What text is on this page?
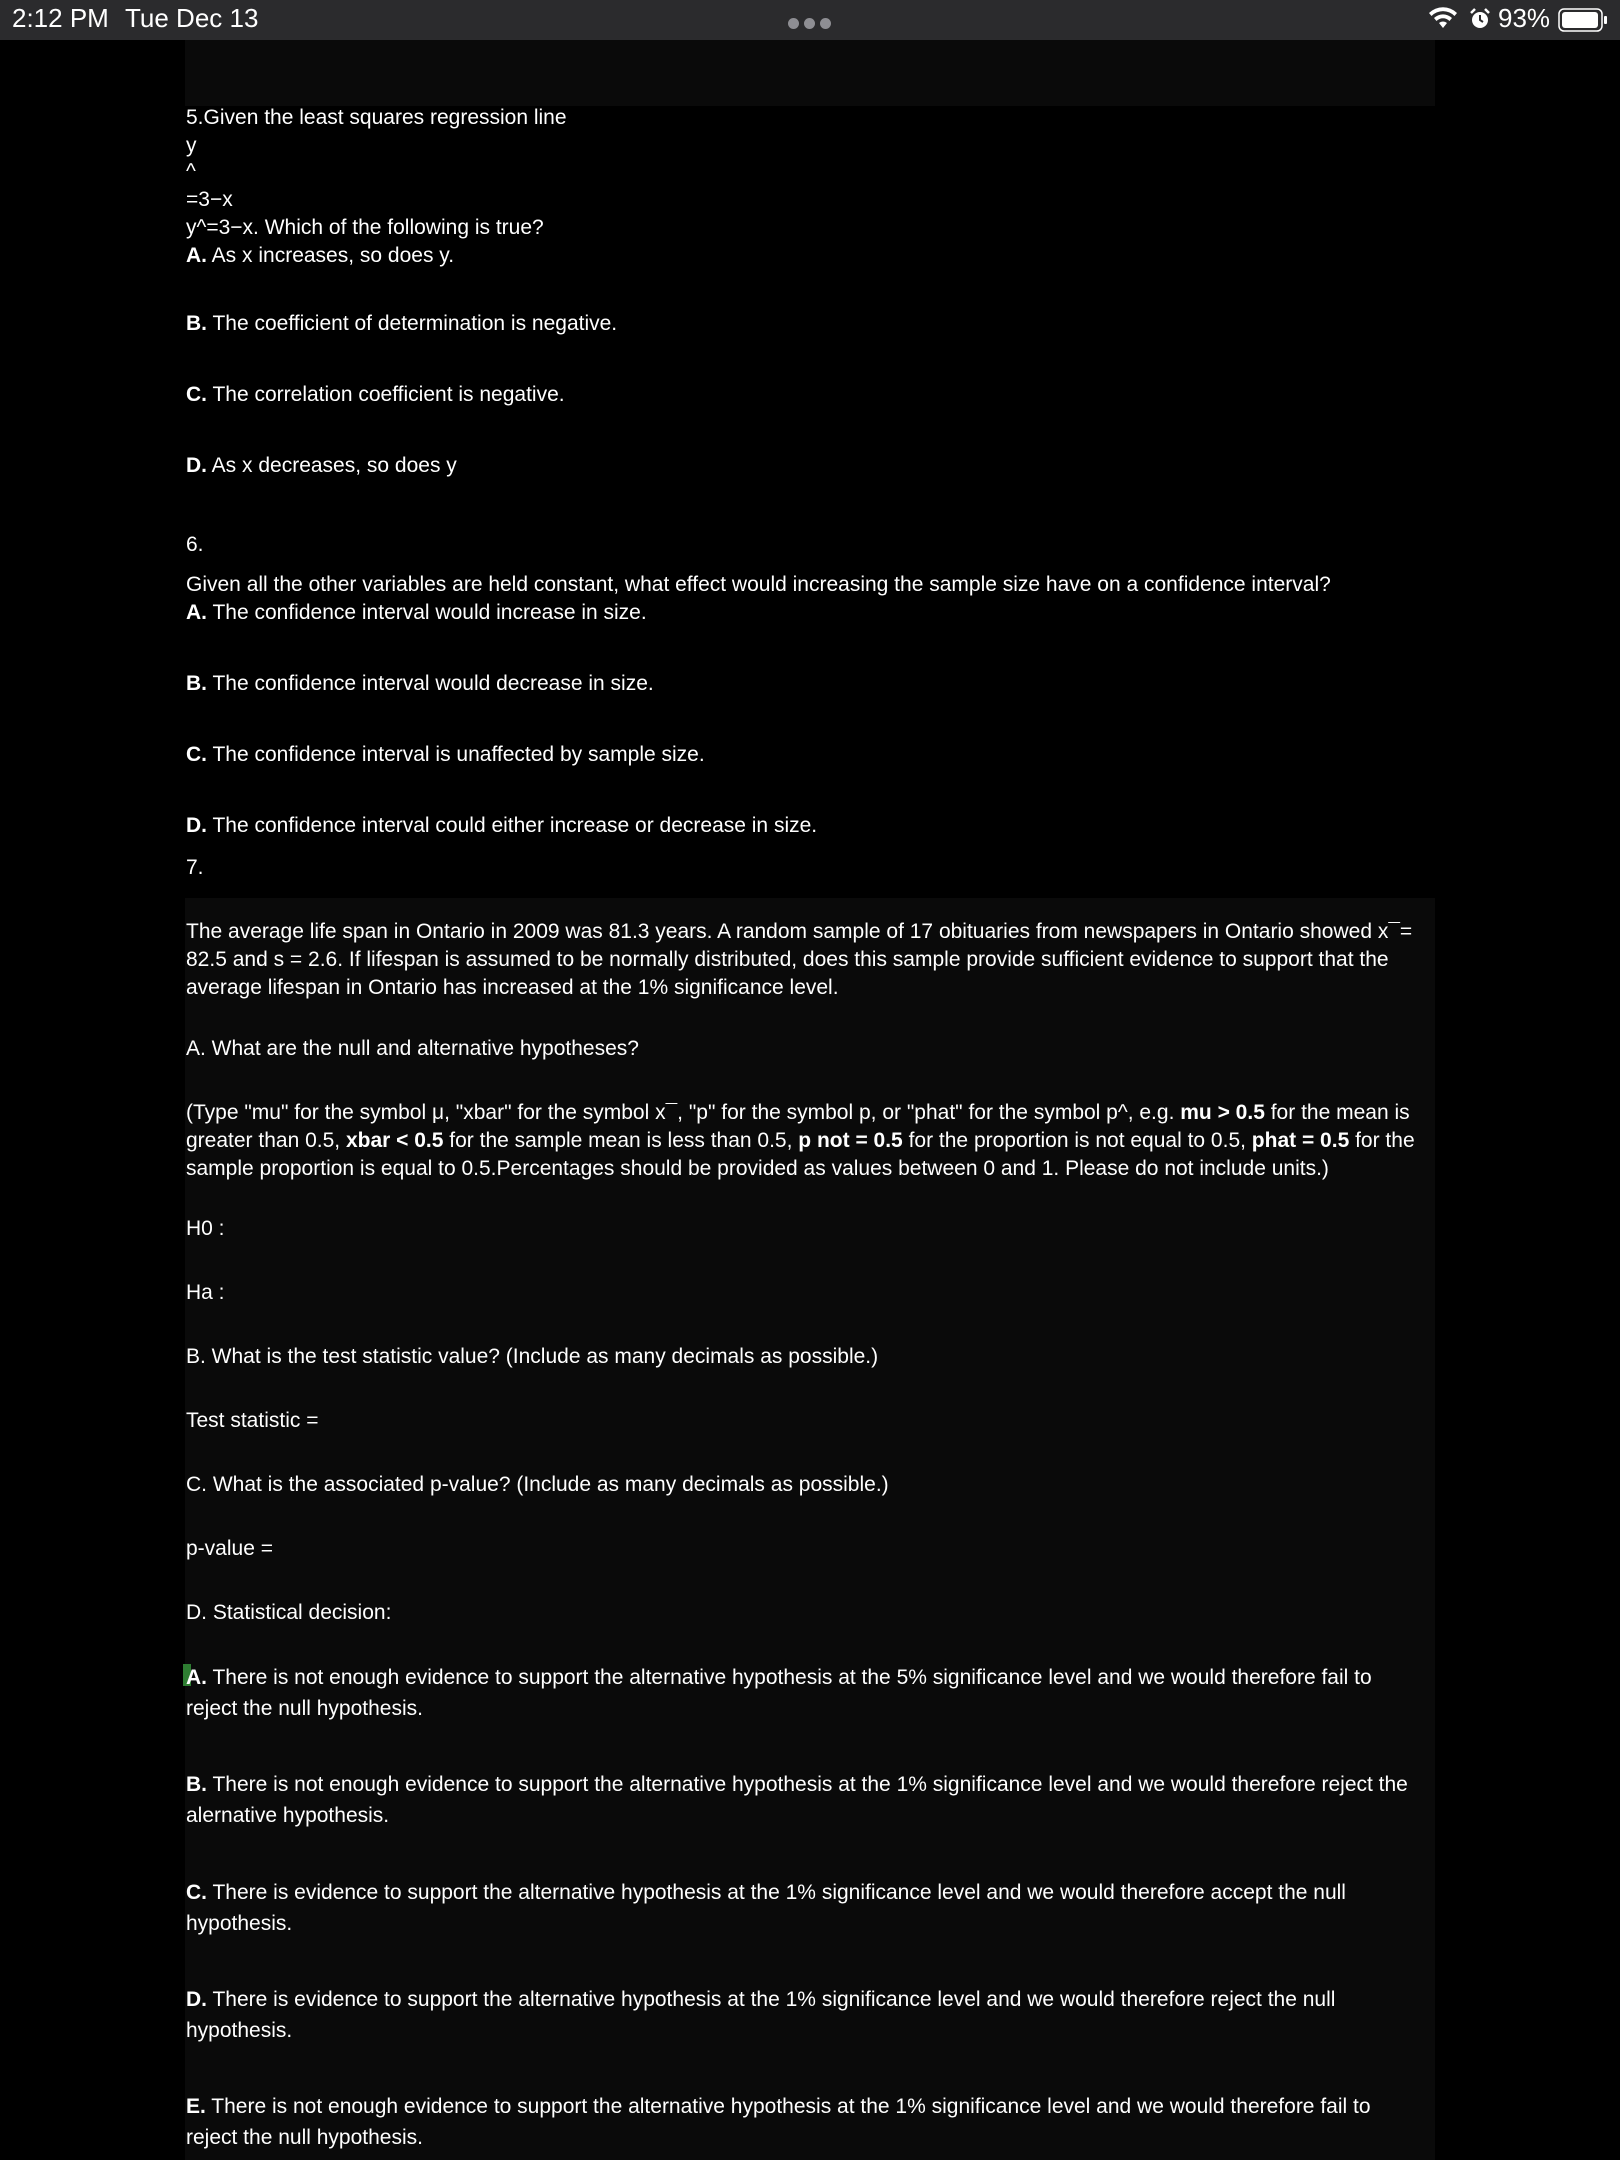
2:12 PM Tue Dec 13	93%
5.Given the least squares regression line
y
^
=3−x
y^=3−x. Which of the following is true?
A. As x increases, so does y.
B. The coefficient of determination is negative.
C. The correlation coefficient is negative.
D. As x decreases, so does y
6.
Given all the other variables are held constant, what effect would increasing the sample size have on a confidence interval?
A. The confidence interval would increase in size.
B. The confidence interval would decrease in size.
C. The confidence interval is unaffected by sample size.
D. The confidence interval could either increase or decrease in size.
7.
The average life span in Ontario in 2009 was 81.3 years. A random sample of 17 obituaries from newspapers in Ontario showed x¯= 82.5 and s = 2.6. If lifespan is assumed to be normally distributed, does this sample provide sufficient evidence to support that the average lifespan in Ontario has increased at the 1% significance level.
A. What are the null and alternative hypotheses?
(Type "mu" for the symbol μ, "xbar" for the symbol x¯, "p" for the symbol p, or "phat" for the symbol p^, e.g. mu > 0.5 for the mean is greater than 0.5, xbar < 0.5 for the sample mean is less than 0.5, p not = 0.5 for the proportion is not equal to 0.5, phat = 0.5 for the sample proportion is equal to 0.5.Percentages should be provided as values between 0 and 1. Please do not include units.)
H0 :
Ha :
B. What is the test statistic value? (Include as many decimals as possible.)
Test statistic =
C. What is the associated p-value? (Include as many decimals as possible.)
p-value =
D. Statistical decision:
A. There is not enough evidence to support the alternative hypothesis at the 5% significance level and we would therefore fail to reject the null hypothesis.
B. There is not enough evidence to support the alternative hypothesis at the 1% significance level and we would therefore reject the alernative hypothesis.
C. There is evidence to support the alternative hypothesis at the 1% significance level and we would therefore accept the null hypothesis.
D. There is evidence to support the alternative hypothesis at the 1% significance level and we would therefore reject the null hypothesis.
E. There is not enough evidence to support the alternative hypothesis at the 1% significance level and we would therefore fail to reject the null hypothesis.
